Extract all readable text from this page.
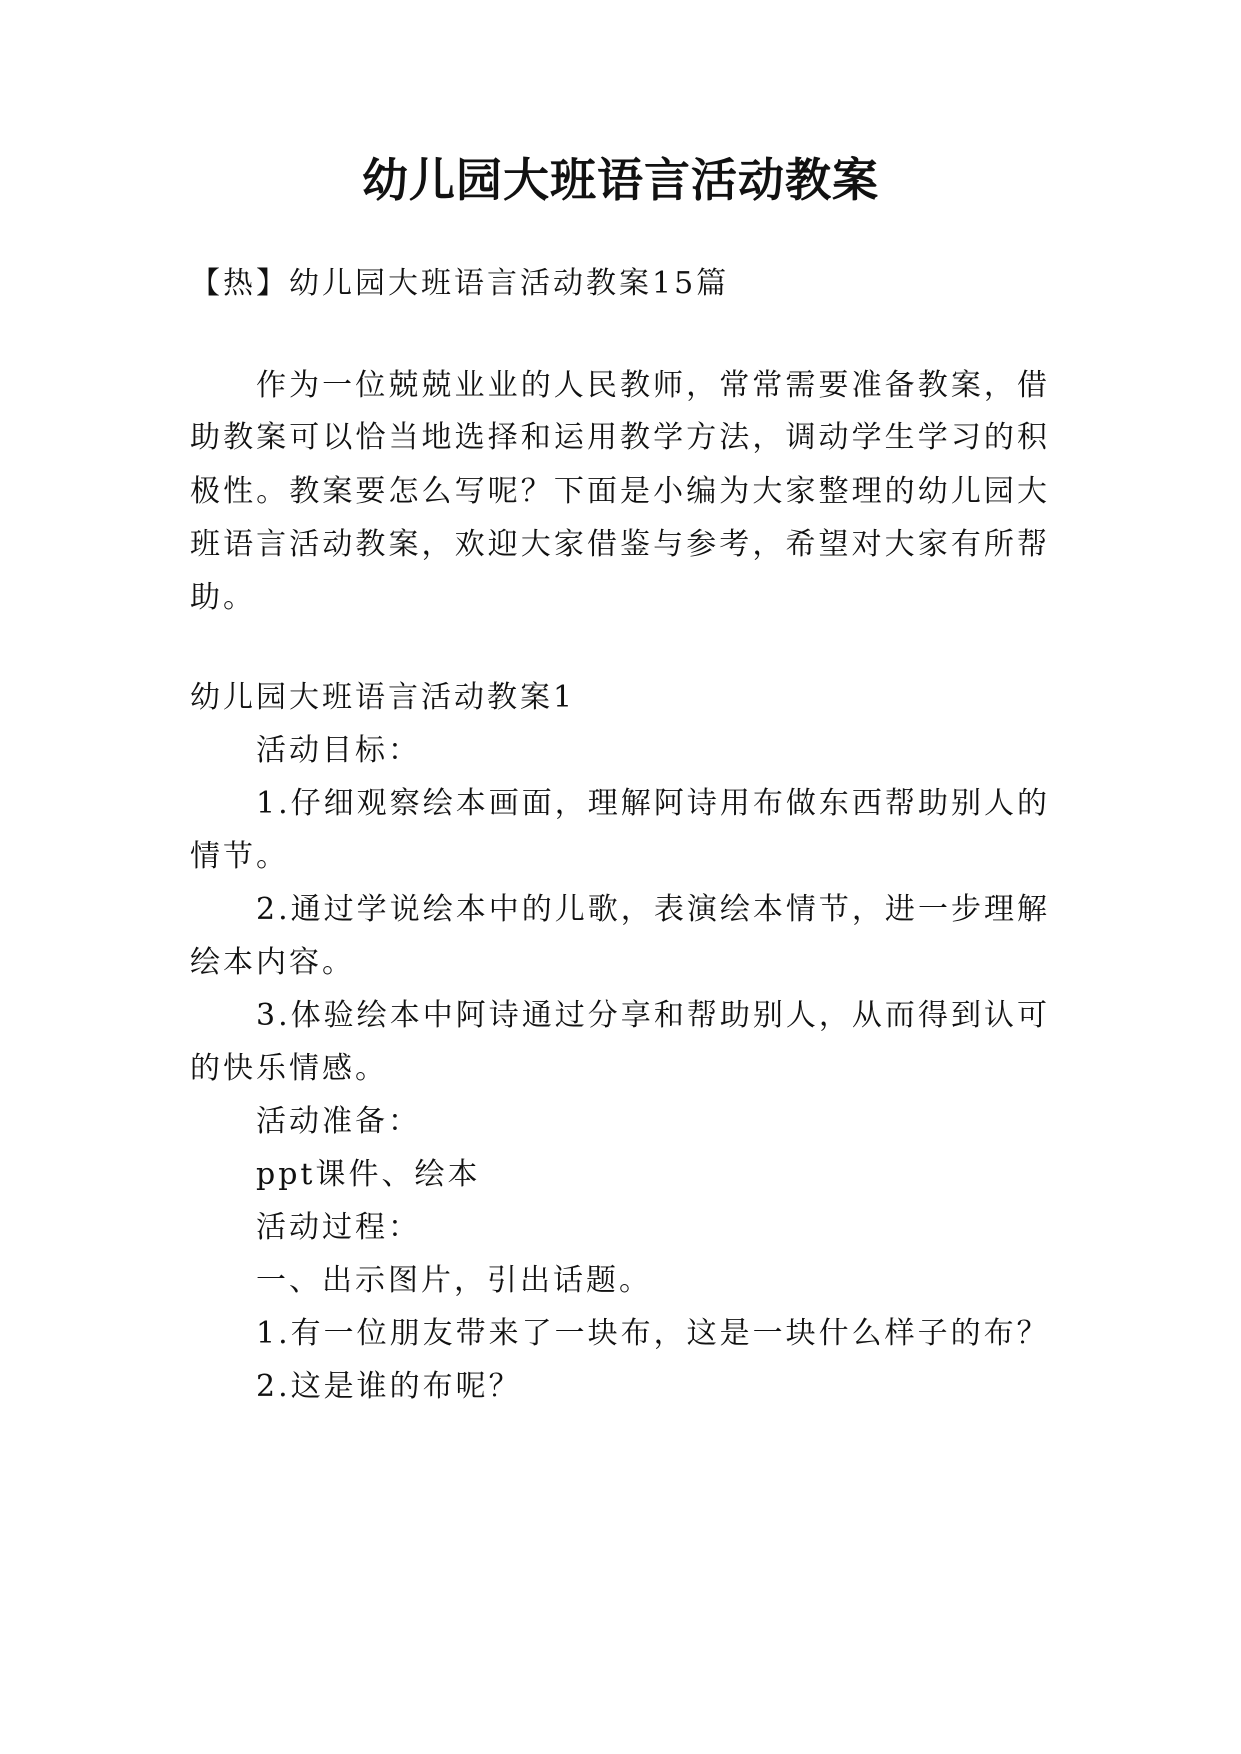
幼儿园大班语言活动教案
【热】幼儿园大班语言活动教案15篇
作为一位兢兢业业的人民教师，常常需要准备教案，借
助教案可以恰当地选择和运用教学方法，调动学生学习的积
极性。教案要怎么写呢？下面是小编为大家整理的幼儿园大
班语言活动教案，欢迎大家借鉴与参考，希望对大家有所帮
助。
幼儿园大班语言活动教案1
活动目标：
1.仔细观察绘本画面，理解阿诗用布做东西帮助别人的
情节。
2.通过学说绘本中的儿歌，表演绘本情节，进一步理解
绘本内容。
3.体验绘本中阿诗通过分享和帮助别人，从而得到认可
的快乐情感。
活动准备：
ppt课件、绘本
活动过程：
一、出示图片，引出话题。
1.有一位朋友带来了一块布，这是一块什么样子的布？
2.这是谁的布呢？
